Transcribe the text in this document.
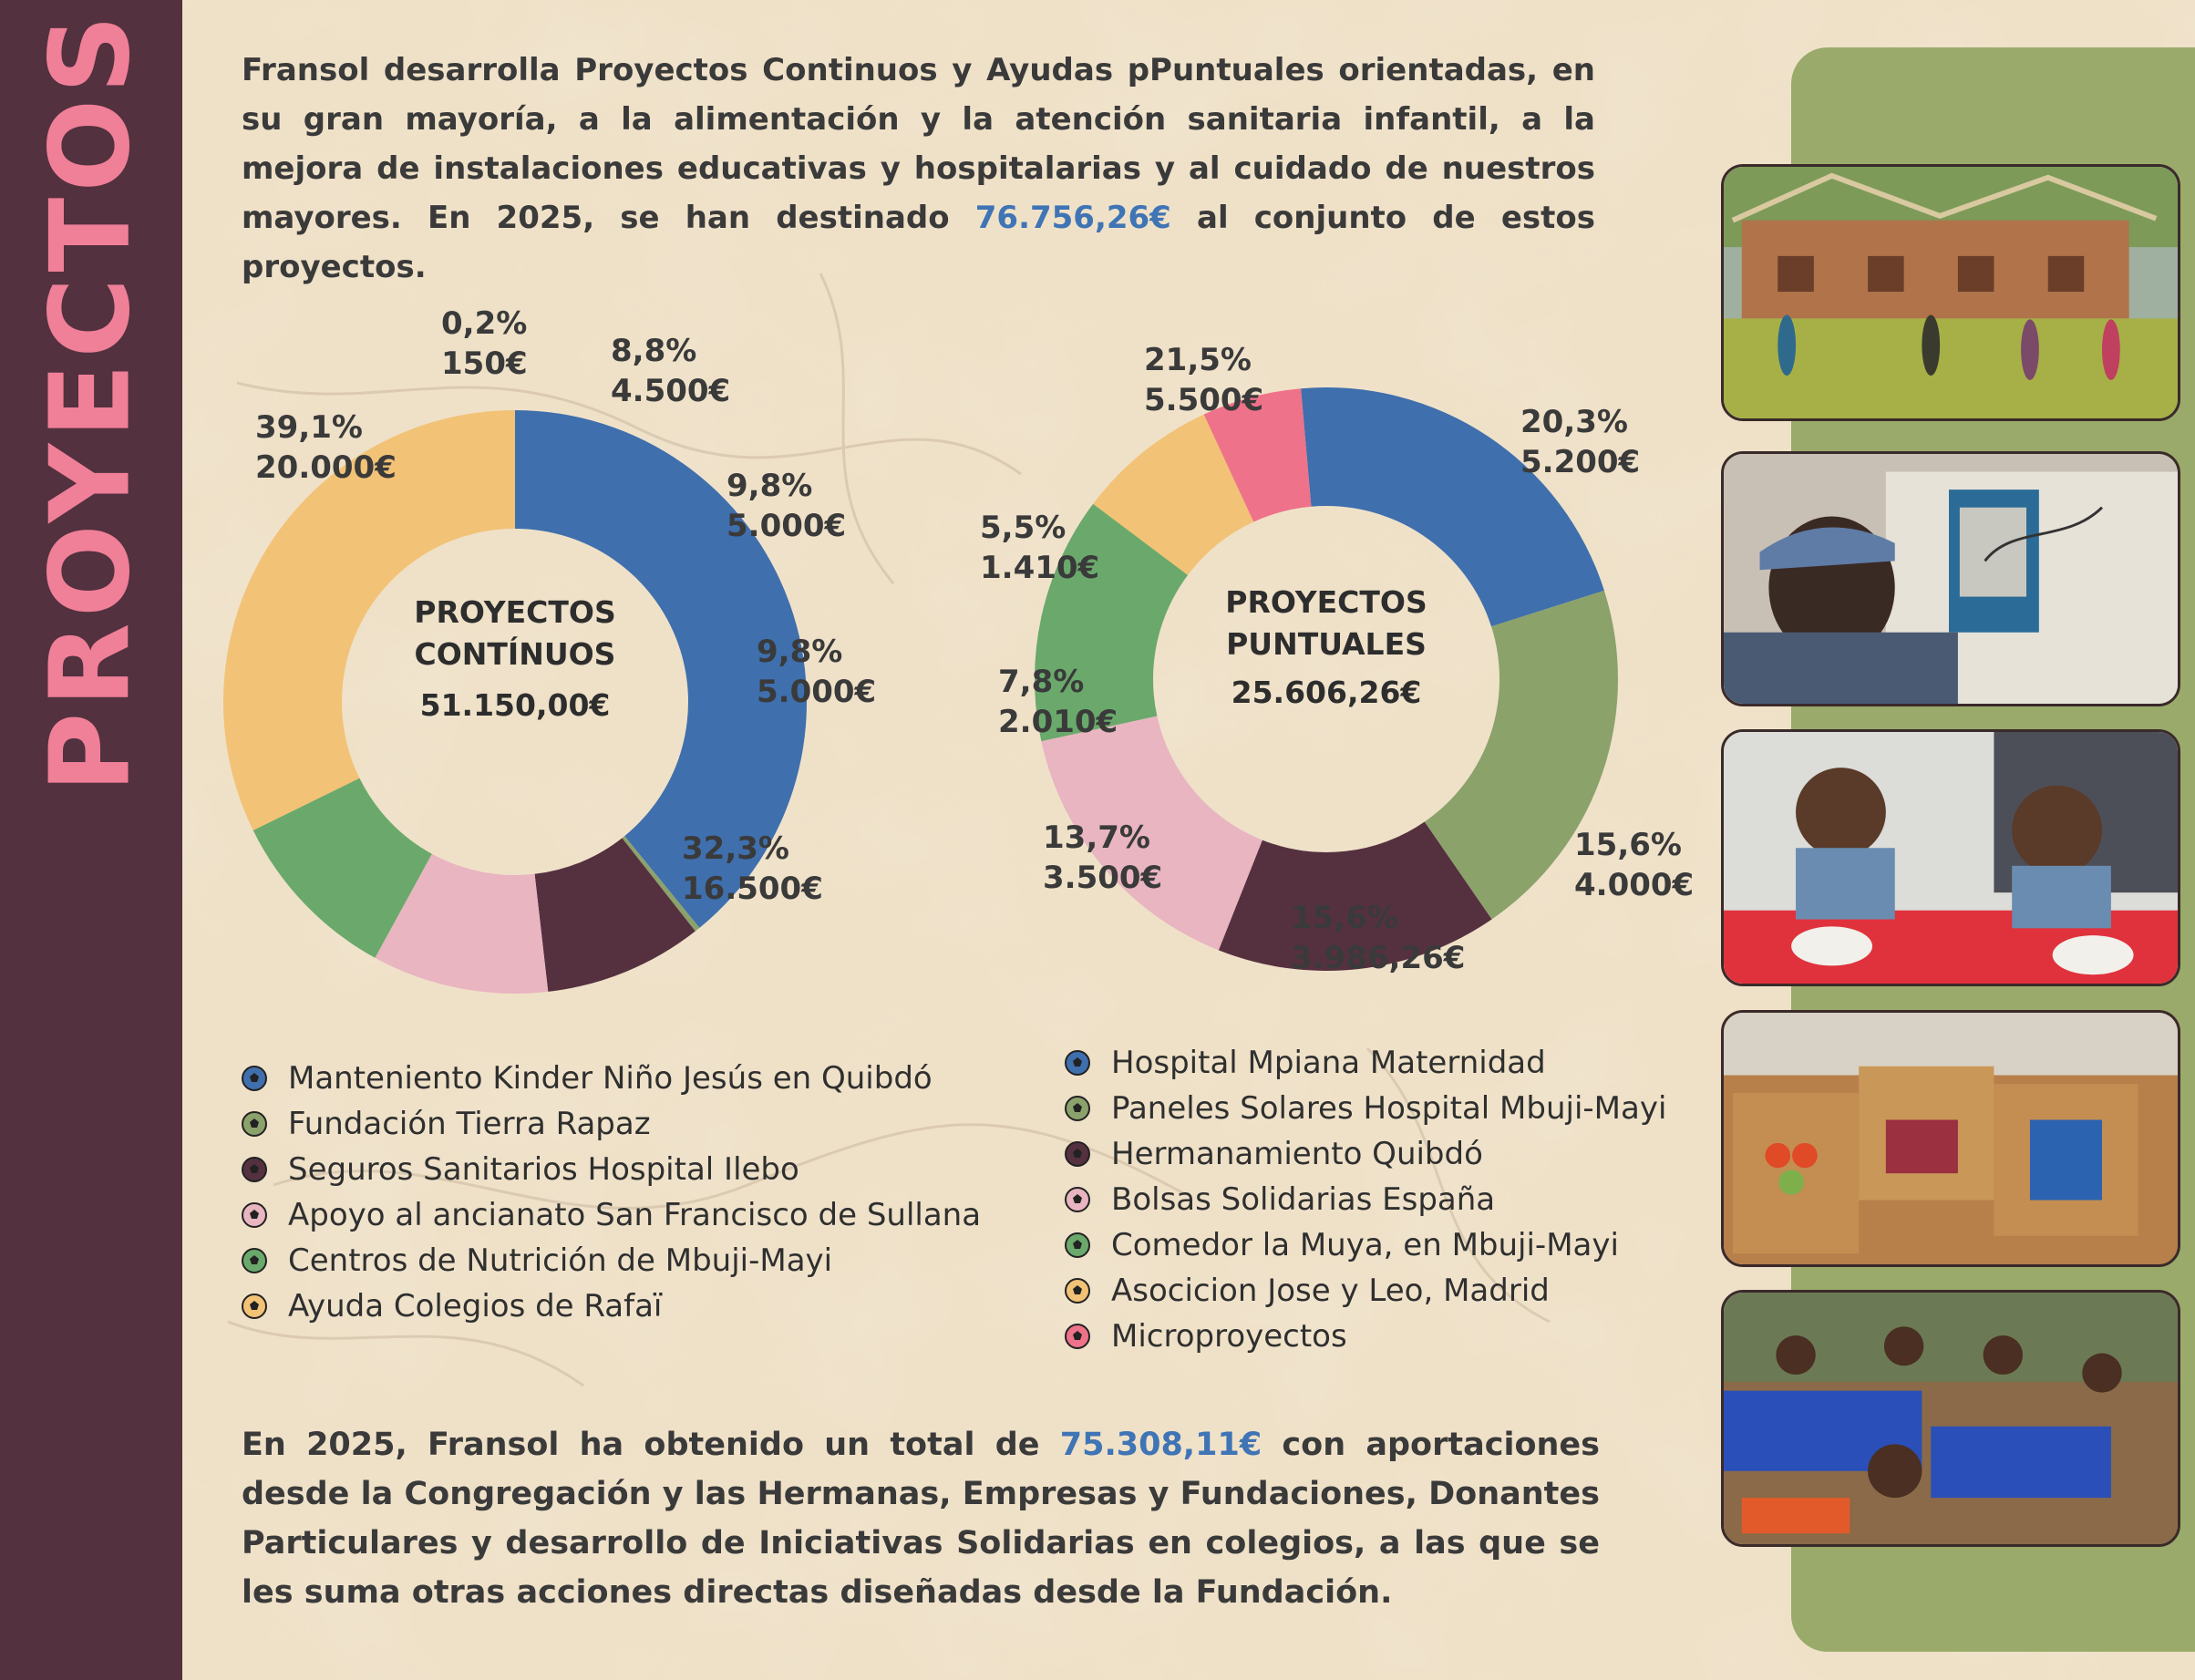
PROYECTOS	Fransol desarrolla Proyectos Continuos y Ayudas pPuntuales orientadas, en su gran mayoría, a la alimentación y la atención sanitaria infantil, a la mejora de instalaciones educativas y hospitalarias y al cuidado de nuestros mayores. En 2025, se han destinado 76.756,26€ al conjunto de estos proyectos.
39,1% 20.000€
0,2% 150€	8,8% 4.500€
9,8% 5.000€
9,8% 5.000€
32,3% 16.500€
PROYECTOS
CONTÍNUOS
51.150,00€
21,5% 5.500€
20,3% 5.200€
15,6% 4.000€
15,6% 3.986,26€
13,7% 3.500€
7,8% 2.010€
5,5% 1.410€
PROYECTOS
PUNTUALES
25.606,26€
Manteniento Kinder Niño Jesús en Quibdó
Fundación Tierra Rapaz
Seguros Sanitarios Hospital Ilebo
Apoyo al ancianato San Francisco de Sullana
Centros de Nutrición de Mbuji-Mayi
Ayuda Colegios de Rafaï
Hospital Mpiana Maternidad
Paneles Solares Hospital Mbuji-Mayi
Hermanamiento Quibdó
Bolsas Solidarias España
Comedor la Muya, en Mbuji-Mayi
Asocicion Jose y Leo, Madrid
Microproyectos
En 2025, Fransol ha obtenido un total de 75.308,11€ con aportaciones desde la Congregación y las Hermanas, Empresas y Fundaciones, Donantes Particulares y desarrollo de Iniciativas Solidarias en colegios, a las que se les suma otras acciones directas diseñadas desde la Fundación.
